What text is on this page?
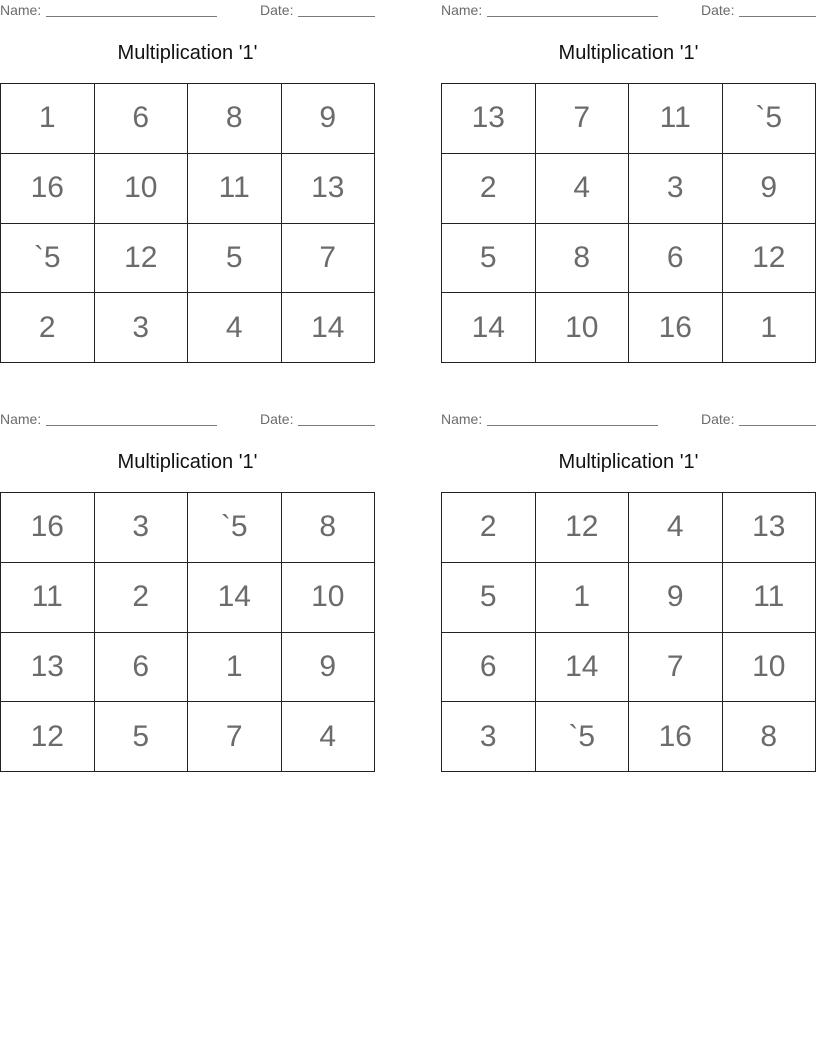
Name:	Date:
Multiplication '1'
1	6	8	9
16	10	11	13
`5	12	5	7
2	3	4	14
Name:	Date:
Multiplication '1'
13	7	11	`5
2	4	3	9
5	8	6	12
14	10	16	1
Name:	Date:
Multiplication '1'
16	3	`5	8
11	2	14	10
13	6	1	9
12	5	7	4
Name:	Date:
Multiplication '1'
2	12	4	13
5	1	9	11
6	14	7	10
3	`5	16	8
